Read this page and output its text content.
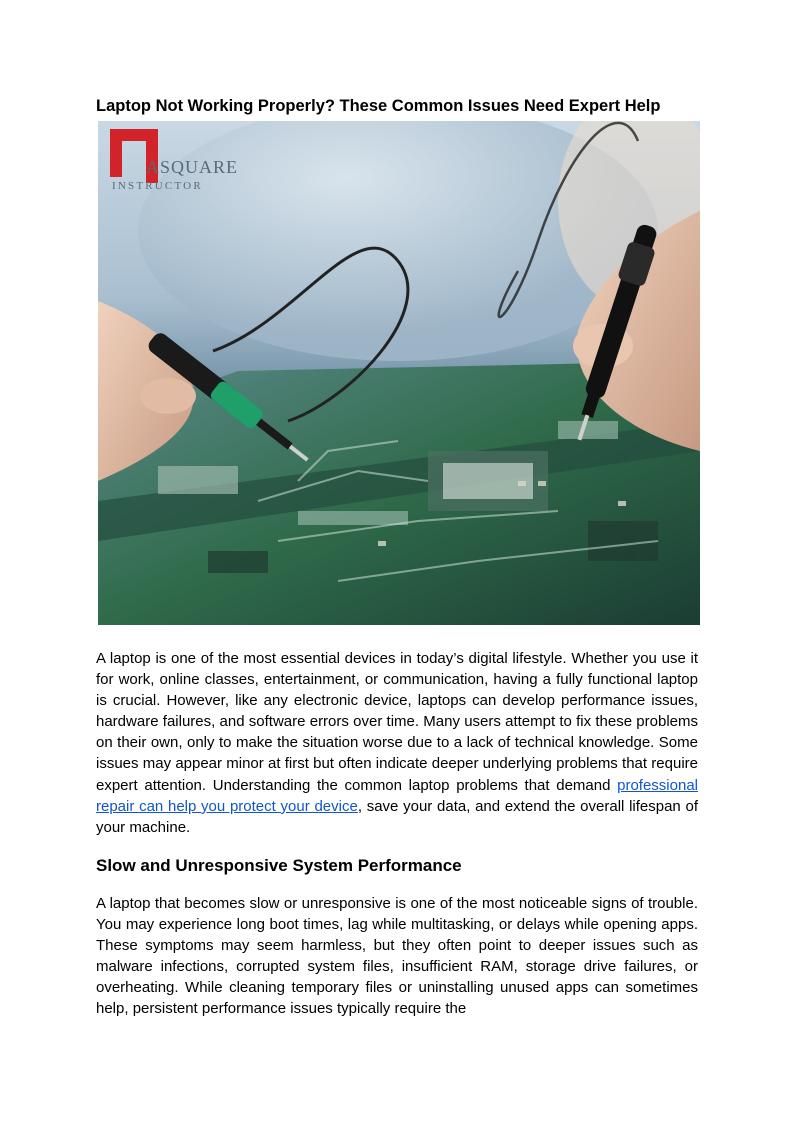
Laptop Not Working Properly? These Common Issues Need Expert Help
ASQUARE
INSTRUCTOR

A laptop is one of the most essential devices in today’s digital lifestyle. Whether you use it for work, online classes, entertainment, or communication, having a fully functional laptop is crucial. However, like any electronic device, laptops can develop performance issues, hardware failures, and software errors over time. Many users attempt to fix these problems on their own, only to make the situation worse due to a lack of technical knowledge. Some issues may appear minor at first but often indicate deeper underlying problems that require expert attention. Understanding the common laptop problems that demand professional repair can help you protect your device, save your data, and extend the overall lifespan of your machine.

Slow and Unresponsive System Performance

A laptop that becomes slow or unresponsive is one of the most noticeable signs of trouble. You may experience long boot times, lag while multitasking, or delays while opening apps. These symptoms may seem harmless, but they often point to deeper issues such as malware infections, corrupted system files, insufficient RAM, storage drive failures, or overheating. While cleaning temporary files or uninstalling unused apps can sometimes help, persistent performance issues typically require the
